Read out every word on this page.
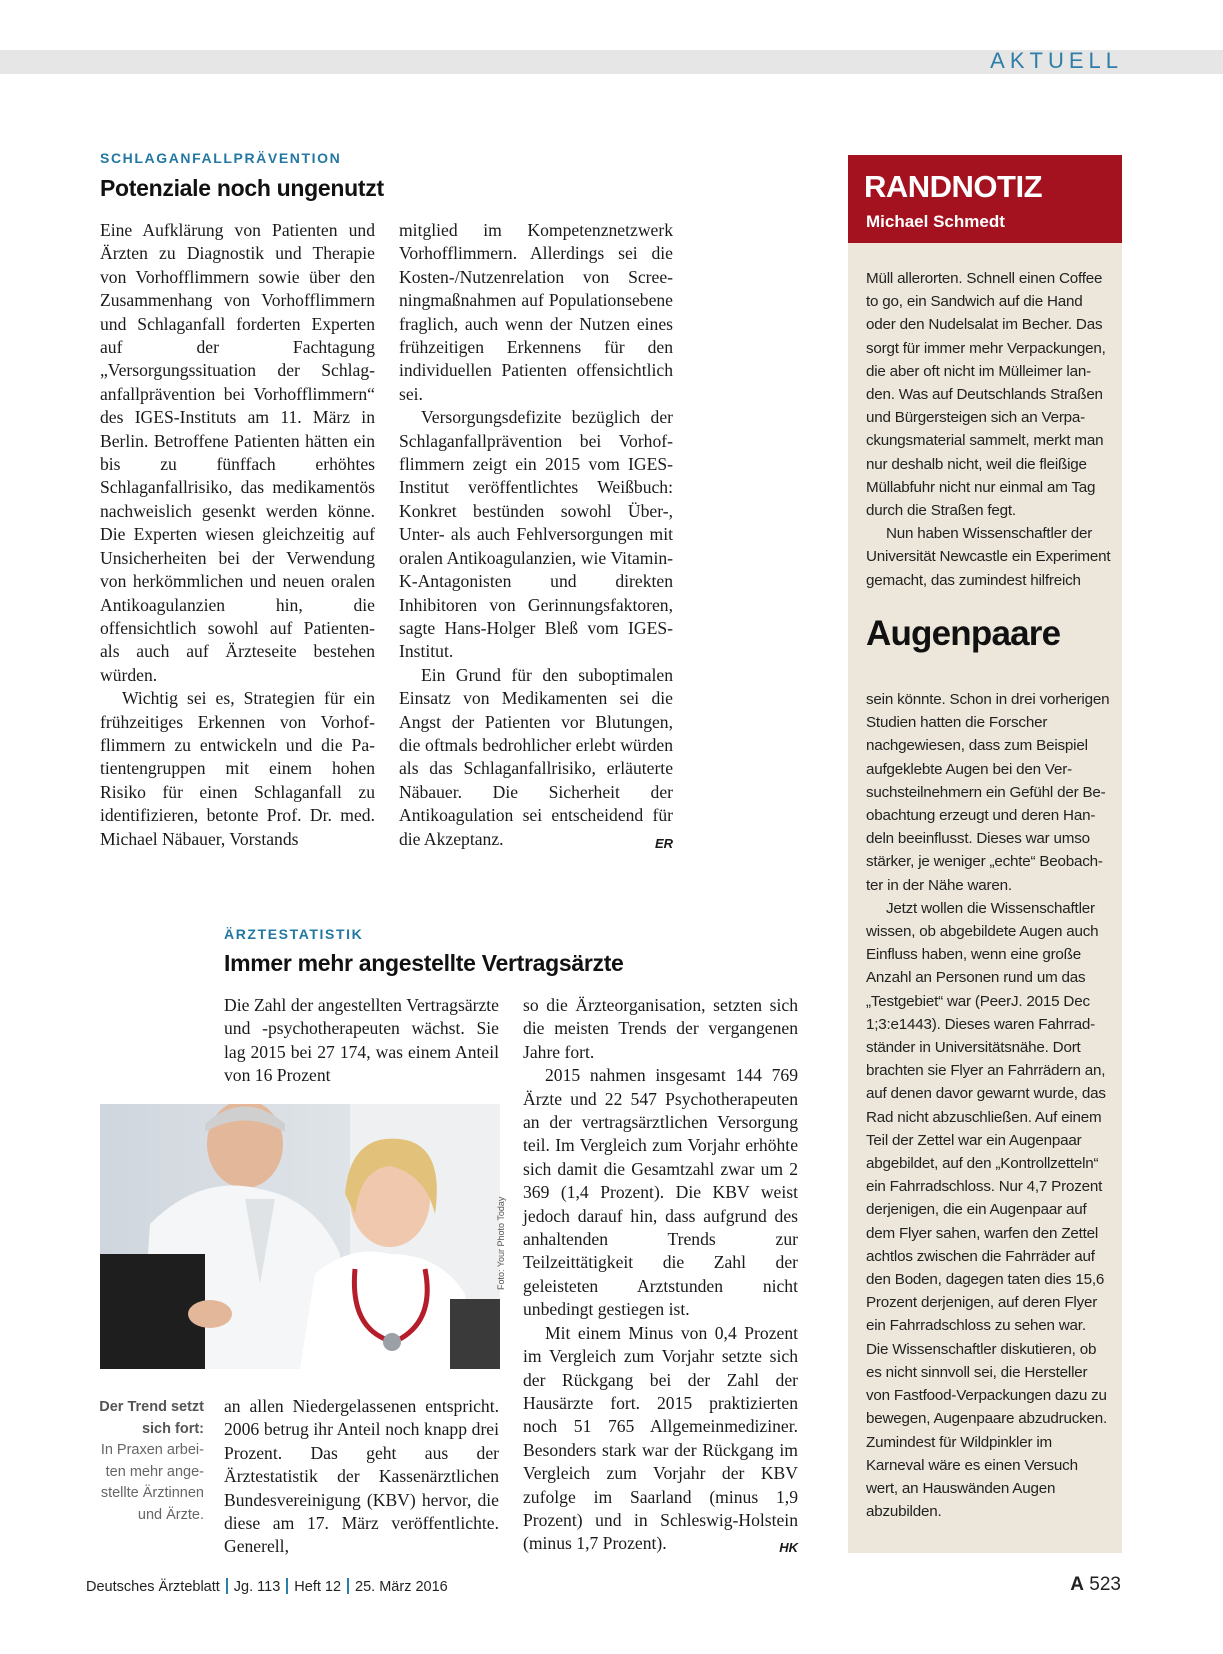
AKTUELL
SCHLAGANFALLPRÄVENTION
Potenziale noch ungenutzt

Eine Aufklärung von Patienten und Ärzten zu Diagnostik und Therapie von Vorhofflimmern sowie über den Zusammenhang von Vorhofflimmern und Schlaganfall forderten Experten auf der Fachtagung „Versorgungssituation der Schlaganfallprävention bei Vorhofflimmern“ des IGES-Instituts am 11. März in Berlin. Betroffene Patienten hätten ein bis zu fünffach erhöhtes Schlaganfallrisiko, das medikamentös nachweislich gesenkt werden könne. Die Experten wiesen gleichzeitig auf Unsicherheiten bei der Verwendung von herkömmlichen und neuen oralen Antikoagulanzien hin, die offensichtlich sowohl auf Patienten- als auch auf Ärzteseite bestehen würden.

Wichtig sei es, Strategien für ein frühzeitiges Erkennen von Vorhofflimmern zu entwickeln und die Patientengruppen mit einem hohen Risiko für einen Schlaganfall zu identifizieren, betonte Prof. Dr. med. Michael Näbauer, Vorstands

mitglied im Kompetenznetzwerk Vorhofflimmern. Allerdings sei die Kosten-/Nutzenrelation von Screeningmaßnahmen auf Populationsebene fraglich, auch wenn der Nutzen eines frühzeitigen Erkennens für den individuellen Patienten offensichtlich sei.

Versorgungsdefizite bezüglich der Schlaganfallprävention bei Vorhofflimmern zeigt ein 2015 vom IGES-Institut veröffentlichtes Weißbuch: Konkret bestünden sowohl Über-, Unter- als auch Fehlversorgungen mit oralen Antikoagulanzien, wie Vitamin-K-Antagonisten und direkten Inhibitoren von Gerinnungsfaktoren, sagte Hans-Holger Bleß vom IGES-Institut.

Ein Grund für den suboptimalen Einsatz von Medikamenten sei die Angst der Patienten vor Blutungen, die oftmals bedrohlicher erlebt würden als das Schlaganfallrisiko, erläuterte Näbauer. Die Sicherheit der Antikoagulation sei entscheidend für die Akzeptanz.	ER

ÄRZTESTATISTIK
Immer mehr angestellte Vertragsärzte

Die Zahl der angestellten Vertragsärzte und -psychotherapeuten wächst. Sie lag 2015 bei 27 174, was einem Anteil von 16 Prozent

Foto: Your Photo Today
Der Trend setzt sich fort:
In Praxen arbeiten mehr angestellte Ärztinnen und Ärzte.

an allen Niedergelassenen entspricht. 2006 betrug ihr Anteil noch knapp drei Prozent. Das geht aus der Ärztestatistik der Kassenärztlichen Bundesvereinigung (KBV) hervor, die diese am 17. März veröffentlichte. Generell,

so die Ärzteorganisation, setzten sich die meisten Trends der vergangenen Jahre fort.

2015 nahmen insgesamt 144 769 Ärzte und 22 547 Psychotherapeuten an der vertragsärztlichen Versorgung teil. Im Vergleich zum Vorjahr erhöhte sich damit die Gesamtzahl zwar um 2 369 (1,4 Prozent). Die KBV weist jedoch darauf hin, dass aufgrund des anhaltenden Trends zur Teilzeittätigkeit die Zahl der geleisteten Arztstunden nicht unbedingt gestiegen ist.

Mit einem Minus von 0,4 Prozent im Vergleich zum Vorjahr setzte sich der Rückgang bei der Zahl der Hausärzte fort. 2015 praktizierten noch 51 765 Allgemeinmediziner. Besonders stark war der Rückgang im Vergleich zum Vorjahr der KBV zufolge im Saarland (minus 1,9 Prozent) und in Schleswig-Holstein (minus 1,7 Prozent).	HK

RANDNOTIZ
Michael Schmedt

Müll allerorten. Schnell einen Coffee to go, ein Sandwich auf die Hand oder den Nudelsalat im Becher. Das sorgt für immer mehr Verpackungen, die aber oft nicht im Mülleimer landen. Was auf Deutschlands Straßen und Bürgersteigen sich an Verpackungsmaterial sammelt, merkt man nur deshalb nicht, weil die fleißige Müllabfuhr nicht nur einmal am Tag durch die Straßen fegt.

Nun haben Wissenschaftler der Universität Newcastle ein Experiment gemacht, das zumindest hilfreich

Augenpaare

sein könnte. Schon in drei vorherigen Studien hatten die Forscher nachgewiesen, dass zum Beispiel aufgeklebte Augen bei den Versuchsteilnehmern ein Gefühl der Beobachtung erzeugt und deren Handeln beeinflusst. Dieses war umso stärker, je weniger „echte“ Beobachter in der Nähe waren.

Jetzt wollen die Wissenschaftler wissen, ob abgebildete Augen auch Einfluss haben, wenn eine große Anzahl an Personen rund um das „Testgebiet“ war (PeerJ. 2015 Dec 1;3:e1443). Dieses waren Fahrradständer in Universitätsnähe. Dort brachten sie Flyer an Fahrrädern an, auf denen davor gewarnt wurde, das Rad nicht abzuschließen. Auf einem Teil der Zettel war ein Augenpaar abgebildet, auf den „Kontrollzetteln“ ein Fahrradschloss. Nur 4,7 Prozent derjenigen, die ein Augenpaar auf dem Flyer sahen, warfen den Zettel achtlos zwischen die Fahrräder auf den Boden, dagegen taten dies 15,6 Prozent derjenigen, auf deren Flyer ein Fahrradschloss zu sehen war. Die Wissenschaftler diskutieren, ob es nicht sinnvoll sei, die Hersteller von Fastfood-Verpackungen dazu zu bewegen, Augenpaare abzudrucken. Zumindest für Wildpinkler im Karneval wäre es einen Versuch wert, an Hauswänden Augen abzubilden.

Deutsches Ärzteblatt Jg. 113 Heft 12 25. März 2016	A 523
